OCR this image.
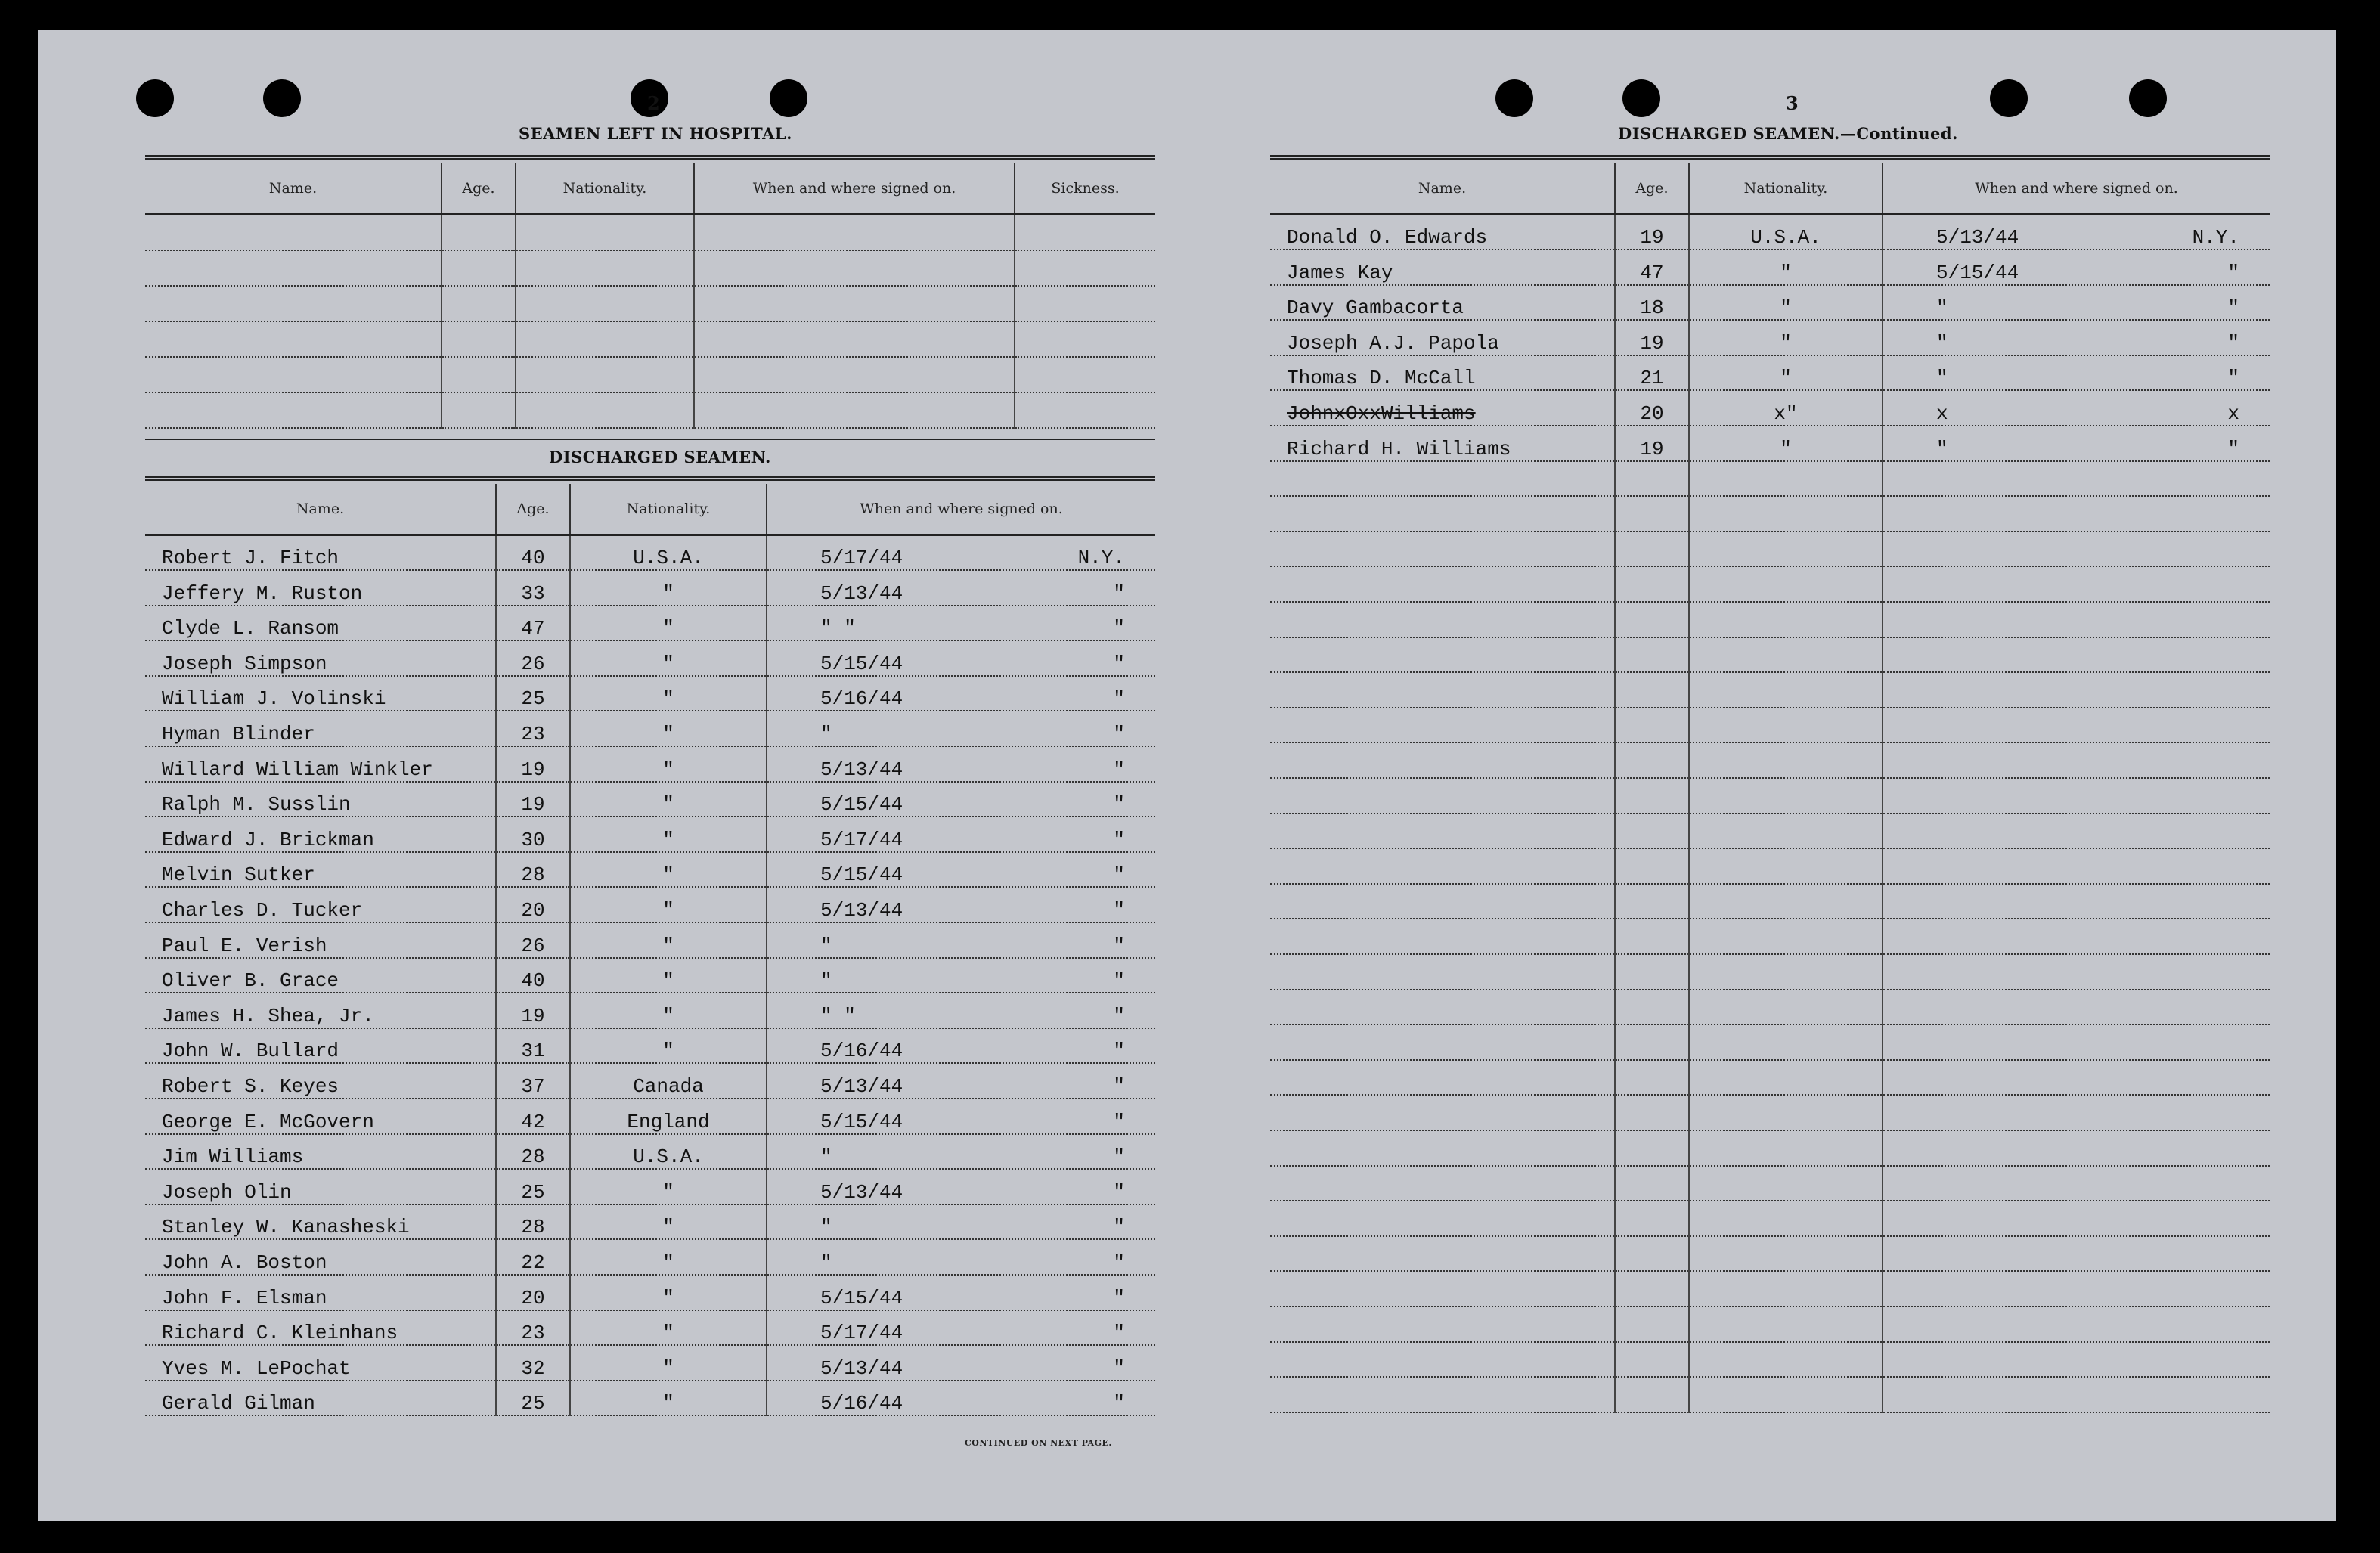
2
SEAMEN LEFT IN HOSPITAL.
Name.	Age.	Nationality.	When and where signed on.	Sickness.

DISCHARGED SEAMEN.
Name.	Age.	Nationality.	When and where signed on.
Robert J. Fitch	40	U.S.A.	5/17/44 N.Y.

Jeffery M. Ruston	33	"	5/13/44 "

Clyde L. Ransom	47	"	" " "

Joseph Simpson	26	"	5/15/44 "

William J. Volinski	25	"	5/16/44 "

Hyman Blinder	23	"	" "

Willard William Winkler	19	"	5/13/44 "

Ralph M. Susslin	19	"	5/15/44 "

Edward J. Brickman	30	"	5/17/44 "

Melvin Sutker	28	"	5/15/44 "

Charles D. Tucker	20	"	5/13/44 "

Paul E. Verish	26	"	" "

Oliver B. Grace	40	"	" "

James H. Shea, Jr.	19	"	" " "

John W. Bullard	31	"	5/16/44 "

Robert S. Keyes	37	Canada	5/13/44 "

George E. McGovern	42	England	5/15/44 "

Jim Williams	28	U.S.A.	" "

Joseph Olin	25	"	5/13/44 "

Stanley W. Kanasheski	28	"	" "

John A. Boston	22	"	" "

John F. Elsman	20	"	5/15/44 "

Richard C. Kleinhans	23	"	5/17/44 "

Yves M. LePochat	32	"	5/13/44 "

Gerald Gilman	25	"	5/16/44 "
CONTINUED ON NEXT PAGE.
3
DISCHARGED SEAMEN.—Continued.
Name.	Age.	Nationality.	When and where signed on.
Donald O. Edwards	19	U.S.A.	5/13/44 N.Y.

James Kay	47	"	5/15/44 "

Davy Gambacorta	18	"	" "

Joseph A.J. Papola	19	"	" "

Thomas D. McCall	21	"	" "

JohnxOxxWilliams	20	x"	x x

Richard H. Williams	19	"	" "
